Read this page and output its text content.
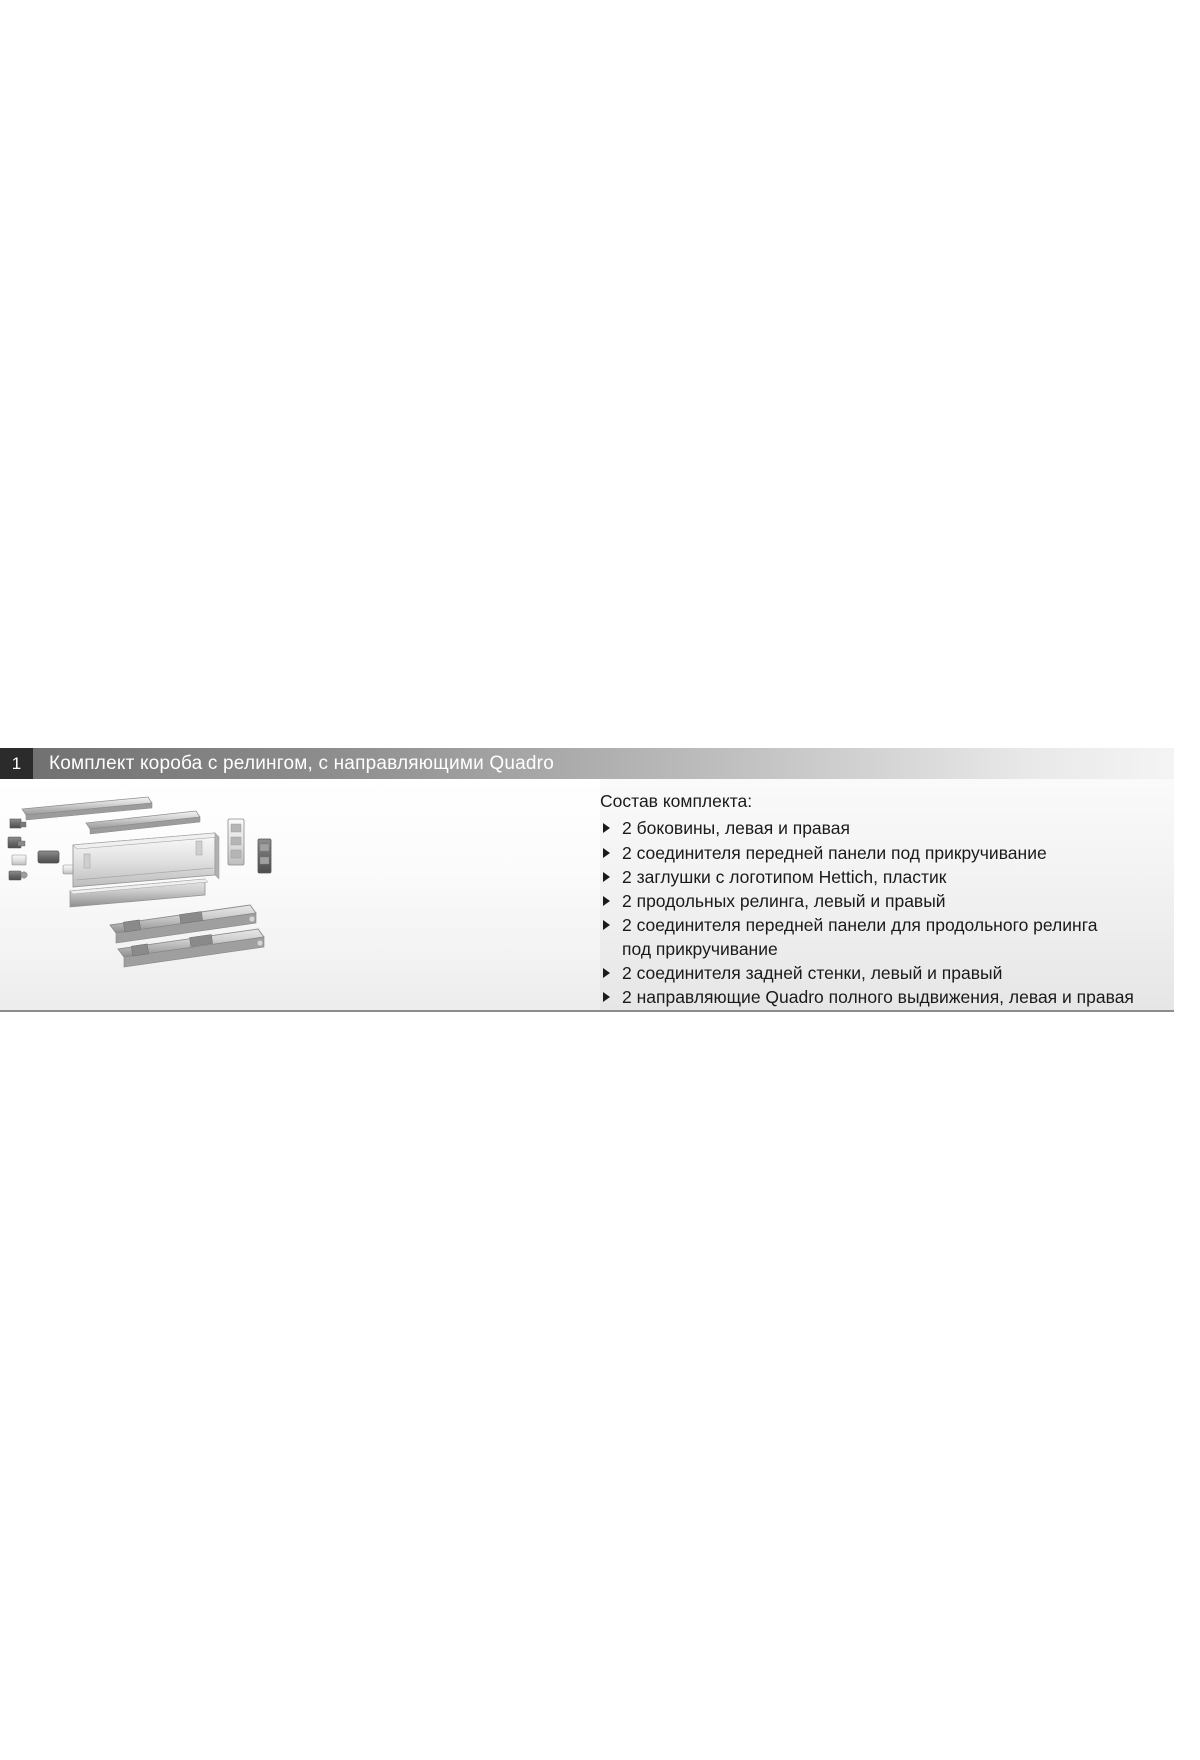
1	Комплект короба с релингом, с направляющими Quadro
Состав комплекта:
2 боковины, левая и правая
2 соединителя передней панели под прикручивание
2 заглушки с логотипом Hettich, пластик
2 продольных релинга, левый и правый
2 соединителя передней панели для продольного релинга
под прикручивание
2 соединителя задней стенки, левый и правый
2 направляющие Quadro полного выдвижения, левая и правая
